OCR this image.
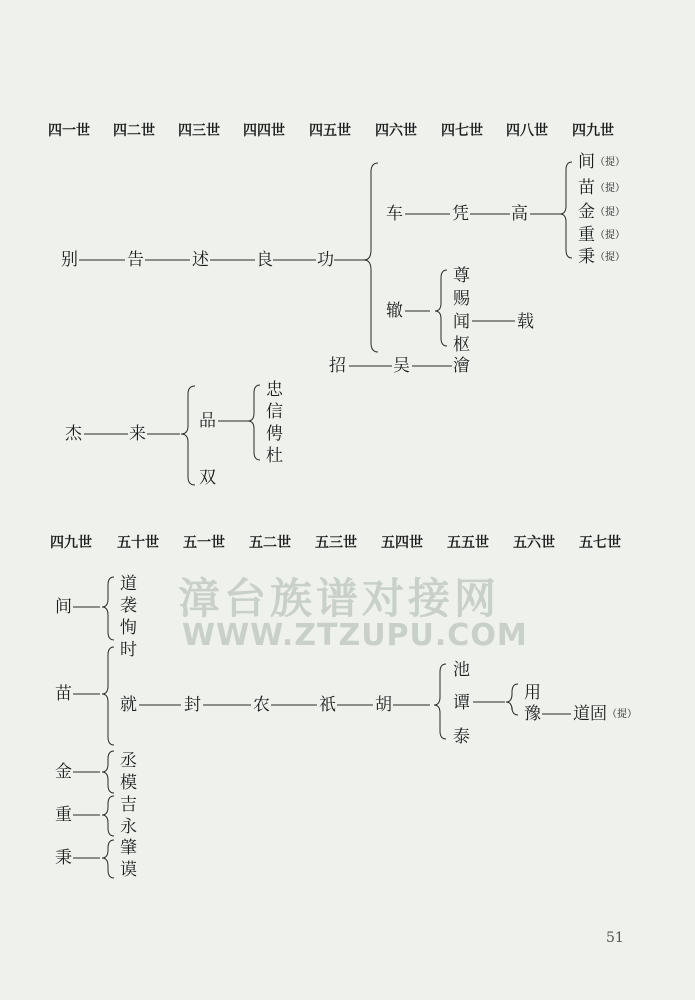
四一世 四二世 四三世 四四世 四五世 四六世 四七世 四八世 四九世
四九世 五十世 五一世 五二世 五三世 五四世 五五世 五六世 五七世
漳台族谱对接网
WWW.ZTZUPU.COM
别	告	述	良	功
车	凭 高
间（提）
苗（提）
金（提）
重（提）
秉（提）
辙
尊
赐
闻
枢
载
招	吴	澮
杰	来
品
双
忠
信
俜
杜
间
道
袭
恂
时
苗
就	封	农	祇 胡
池
谭
泰
用
豫 道固（提）
金
丞
模
重	吉
永
秉	肇
谟
51
